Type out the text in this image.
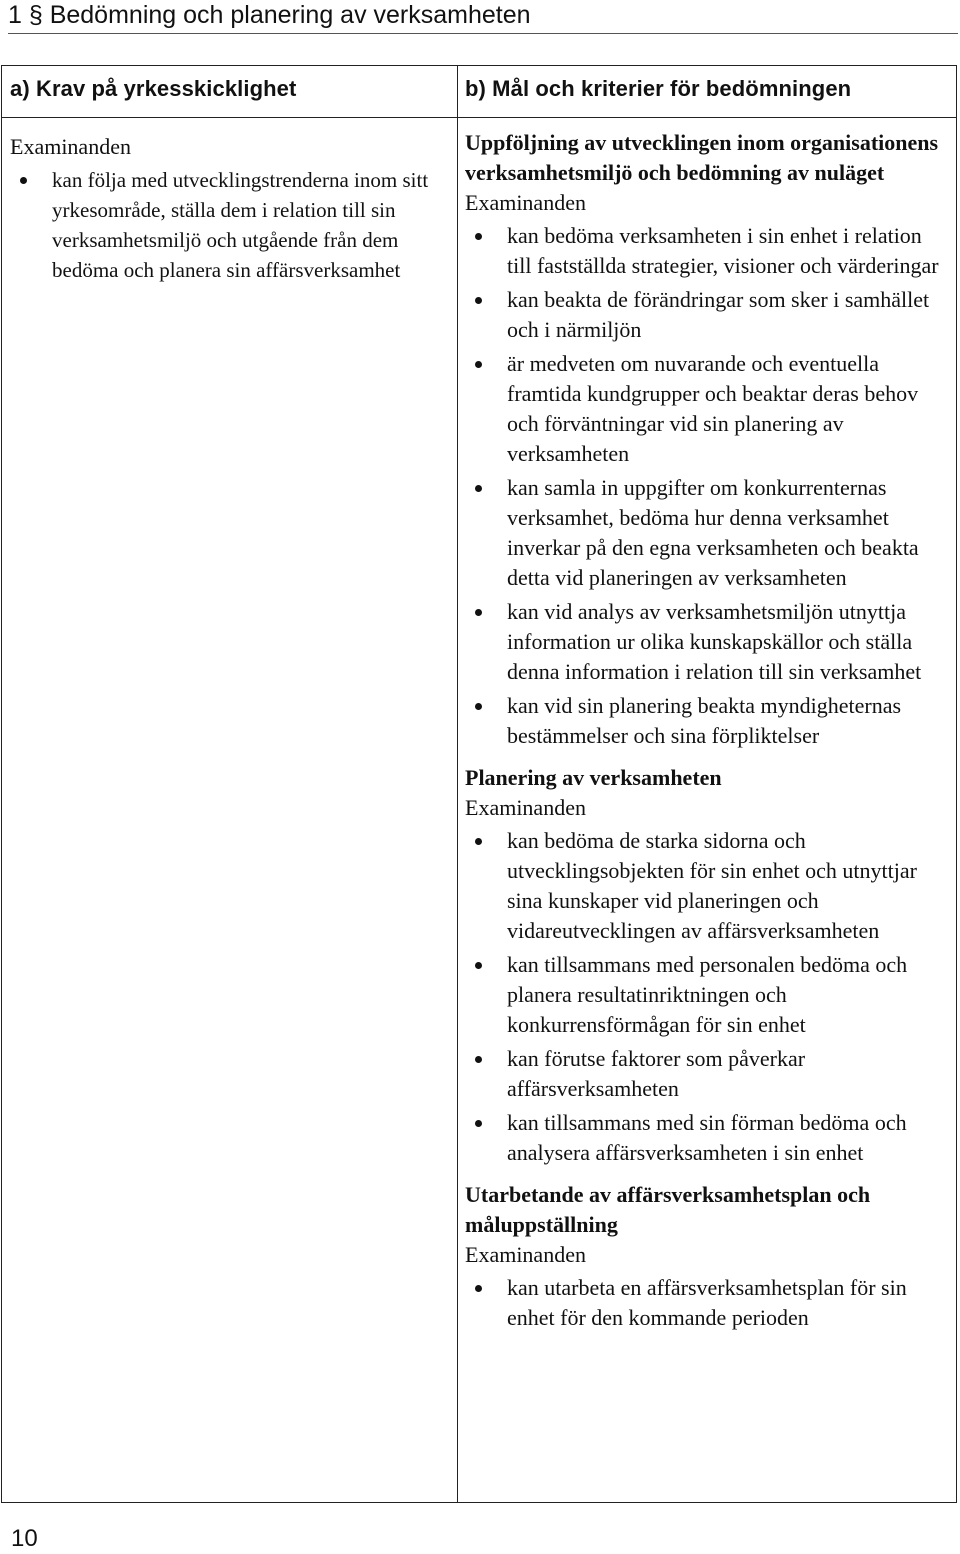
1 § Bedömning och planering av verksamheten
a) Krav på yrkesskicklighet	b) Mål och kriterier för bedömningen
Examinanden
kan följa med utvecklingstrenderna inom sitt yrkesområde, ställa dem i relation till sin verksamhetsmiljö och utgående från dem bedöma och planera sin affärsverksamhet
Uppföljning av utvecklingen inom organisationens verksamhetsmiljö och bedömning av nuläget
Examinanden
kan bedöma verksamheten i sin enhet i relation till fastställda strategier, visioner och värderingar
kan beakta de förändringar som sker i samhället och i närmiljön
är medveten om nuvarande och eventuella framtida kundgrupper och beaktar deras behov och förväntningar vid sin planering av verksamheten
kan samla in uppgifter om konkurrenternas verksamhet, bedöma hur denna verksamhet inverkar på den egna verksamheten och beakta detta vid planeringen av verksamheten
kan vid analys av verksamhetsmiljön utnyttja information ur olika kunskapskällor och ställa denna information i relation till sin verksamhet
kan vid sin planering beakta myndigheternas bestämmelser och sina förpliktelser
Planering av verksamheten
Examinanden
kan bedöma de starka sidorna och utvecklingsobjekten för sin enhet och utnyttjar sina kunskaper vid planeringen och vidareutvecklingen av affärsverksamheten
kan tillsammans med personalen bedöma och planera resultatinriktningen och konkurrensförmågan för sin enhet
kan förutse faktorer som påverkar affärsverksamheten
kan tillsammans med sin förman bedöma och analysera affärsverksamheten i sin enhet
Utarbetande av affärsverksamhetsplan och måluppställning
Examinanden
kan utarbeta en affärsverksamhetsplan för sin enhet för den kommande perioden
10
